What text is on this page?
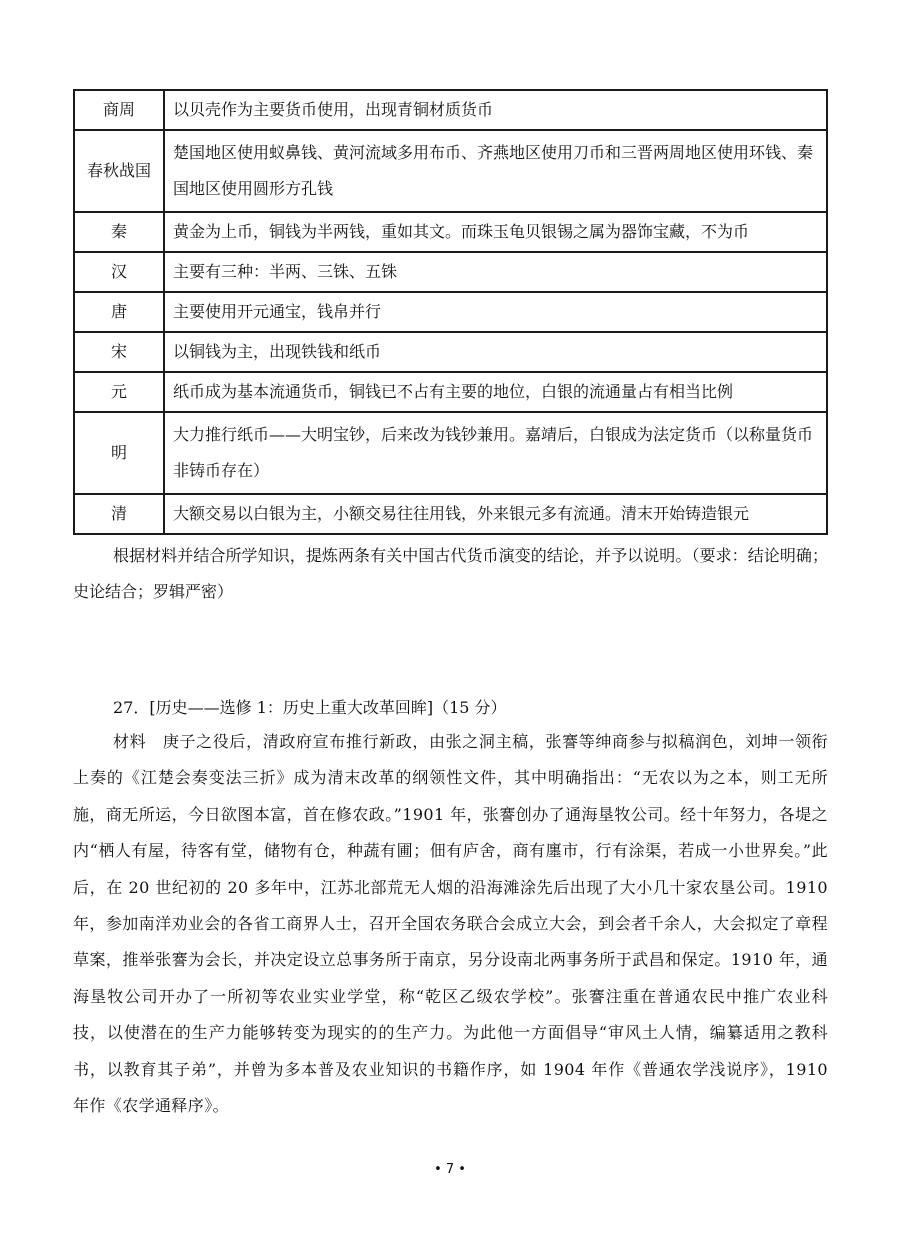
商周	以贝壳作为主要货币使用，出现青铜材质货币
春秋战国	楚国地区使用蚁鼻钱、黄河流域多用布币、齐燕地区使用刀币和三晋两周地区使用环钱、秦国地区使用圆形方孔钱
秦	黄金为上币，铜钱为半两钱，重如其文。而珠玉龟贝银锡之属为器饰宝藏，不为币
汉	主要有三种：半两、三铢、五铢
唐	主要使用开元通宝，钱帛并行
宋	以铜钱为主，出现铁钱和纸币
元	纸币成为基本流通货币，铜钱已不占有主要的地位，白银的流通量占有相当比例
明	大力推行纸币——大明宝钞，后来改为钱钞兼用。嘉靖后，白银成为法定货币（以称量货币非铸币存在）
清	大额交易以白银为主，小额交易往往用钱，外来银元多有流通。清末开始铸造银元

根据材料并结合所学知识，提炼两条有关中国古代货币演变的结论，并予以说明。（要求：结论明确；史论结合；罗辑严密）

27．[历史——选修 1：历史上重大改革回眸]（15 分）

材料　庚子之役后，清政府宣布推行新政，由张之洞主稿，张謇等绅商参与拟稿润色，刘坤一领衔上奏的《江楚会奏变法三折》成为清末改革的纲领性文件，其中明确指出：“无农以为之本，则工无所施，商无所运，今日欲图本富，首在修农政。”1901 年，张謇创办了通海垦牧公司。经十年努力，各堤之内“栖人有屋，待客有堂，储物有仓，种蔬有圃；佃有庐舍，商有廛市，行有涂渠，若成一小世界矣。”此后，在 20 世纪初的 20 多年中，江苏北部荒无人烟的沿海滩涂先后出现了大小几十家农垦公司。1910 年，参加南洋劝业会的各省工商界人士，召开全国农务联合会成立大会，到会者千余人，大会拟定了章程草案，推举张謇为会长，并决定设立总事务所于南京，另分设南北两事务所于武昌和保定。1910 年，通海垦牧公司开办了一所初等农业实业学堂，称“乾区乙级农学校”。张謇注重在普通农民中推广农业科技，以使潜在的生产力能够转变为现实的的生产力。为此他一方面倡导“审风土人情，编纂适用之教科书，以教育其子弟”，并曾为多本普及农业知识的书籍作序，如 1904 年作《普通农学浅说序》，1910 年作《农学通释序》。

• 7 •
